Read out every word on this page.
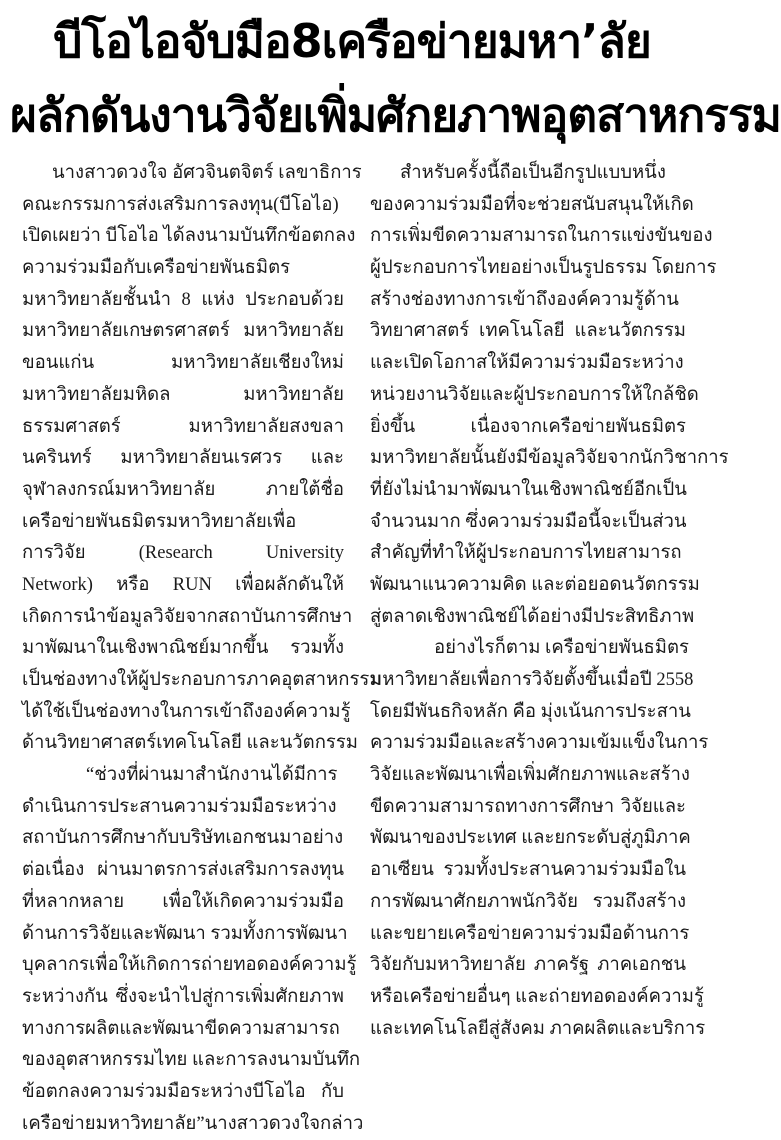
บีโอไอจับมือ8เครือข่ายมหา’ลัย
ผลักดันงานวิจัยเพิ่มศักยภาพอุตสาหกรรม
นางสาวดวงใจ อัศวจินตจิตร์ เลขาธิการ
คณะกรรมการส่งเสริมการลงทุน(บีโอไอ)
เปิดเผยว่า บีโอไอ ได้ลงนามบันทึกข้อตกลง
ความร่วมมือกับเครือข่ายพันธมิตร
มหาวิทยาลัยชั้นนำ 8 แห่ง ประกอบด้วย
มหาวิทยาลัยเกษตรศาสตร์ มหาวิทยาลัย
ขอนแก่น มหาวิทยาลัยเชียงใหม่
มหาวิทยาลัยมหิดล มหาวิทยาลัย
ธรรมศาสตร์ มหาวิทยาลัยสงขลา
นครินทร์ มหาวิทยาลัยนเรศวร และ
จุฬาลงกรณ์มหาวิทยาลัย ภายใต้ชื่อ
เครือข่ายพันธมิตรมหาวิทยาลัยเพื่อ
การวิจัย (Research University
Network) หรือ RUN เพื่อผลักดันให้
เกิดการนำข้อมูลวิจัยจากสถาบันการศึกษา
มาพัฒนาในเชิงพาณิชย์มากขึ้น รวมทั้ง
เป็นช่องทางให้ผู้ประกอบการภาคอุตสาหกรรม
ได้ใช้เป็นช่องทางในการเข้าถึงองค์ความรู้
ด้านวิทยาศาสตร์เทคโนโลยี และนวัตกรรม
“ช่วงที่ผ่านมาสำนักงานได้มีการ
ดำเนินการประสานความร่วมมือระหว่าง
สถาบันการศึกษากับบริษัทเอกชนมาอย่าง
ต่อเนื่อง ผ่านมาตรการส่งเสริมการลงทุน
ที่หลากหลาย เพื่อให้เกิดความร่วมมือ
ด้านการวิจัยและพัฒนา รวมทั้งการพัฒนา
บุคลากรเพื่อให้เกิดการถ่ายทอดองค์ความรู้
ระหว่างกัน ซึ่งจะนำไปสู่การเพิ่มศักยภาพ
ทางการผลิตและพัฒนาขีดความสามารถ
ของอุตสาหกรรมไทย และการลงนามบันทึก
ข้อตกลงความร่วมมือระหว่างบีโอไอ กับ
เครือข่ายมหาวิทยาลัย”นางสาวดวงใจกล่าว
สำหรับครั้งนี้ถือเป็นอีกรูปแบบหนึ่ง
ของความร่วมมือที่จะช่วยสนับสนุนให้เกิด
การเพิ่มขีดความสามารถในการแข่งขันของ
ผู้ประกอบการไทยอย่างเป็นรูปธรรม โดยการ
สร้างช่องทางการเข้าถึงองค์ความรู้ด้าน
วิทยาศาสตร์ เทคโนโลยี และนวัตกรรม
และเปิดโอกาสให้มีความร่วมมือระหว่าง
หน่วยงานวิจัยและผู้ประกอบการให้ใกล้ชิด
ยิ่งขึ้น เนื่องจากเครือข่ายพันธมิตร
มหาวิทยาลัยนั้นยังมีข้อมูลวิจัยจากนักวิชาการ
ที่ยังไม่นำมาพัฒนาในเชิงพาณิชย์อีกเป็น
จำนวนมาก ซึ่งความร่วมมือนี้จะเป็นส่วน
สำคัญที่ทำให้ผู้ประกอบการไทยสามารถ
พัฒนาแนวความคิด และต่อยอดนวัตกรรม
สู่ตลาดเชิงพาณิชย์ได้อย่างมีประสิทธิภาพ
อย่างไรก็ตาม เครือข่ายพันธมิตร
มหาวิทยาลัยเพื่อการวิจัยตั้งขึ้นเมื่อปี 2558
โดยมีพันธกิจหลัก คือ มุ่งเน้นการประสาน
ความร่วมมือและสร้างความเข้มแข็งในการ
วิจัยและพัฒนาเพื่อเพิ่มศักยภาพและสร้าง
ขีดความสามารถทางการศึกษา วิจัยและ
พัฒนาของประเทศ และยกระดับสู่ภูมิภาค
อาเซียน รวมทั้งประสานความร่วมมือใน
การพัฒนาศักยภาพนักวิจัย รวมถึงสร้าง
และขยายเครือข่ายความร่วมมือด้านการ
วิจัยกับมหาวิทยาลัย ภาครัฐ ภาคเอกชน
หรือเครือข่ายอื่นๆ และถ่ายทอดองค์ความรู้
และเทคโนโลยีสู่สังคม ภาคผลิตและบริการ
